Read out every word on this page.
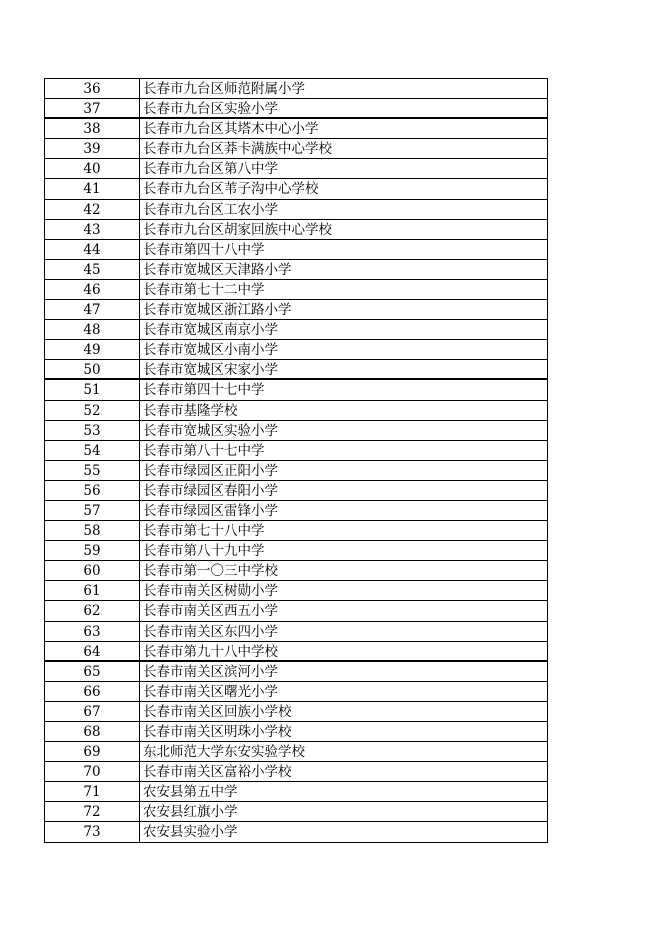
36	长春市九台区师范附属小学
37	长春市九台区实验小学
38	长春市九台区其塔木中心小学
39	长春市九台区莽卡满族中心学校
40	长春市九台区第八中学
41	长春市九台区苇子沟中心学校
42	长春市九台区工农小学
43	长春市九台区胡家回族中心学校
44	长春市第四十八中学
45	长春市宽城区天津路小学
46	长春市第七十二中学
47	长春市宽城区浙江路小学
48	长春市宽城区南京小学
49	长春市宽城区小南小学
50	长春市宽城区宋家小学
51	长春市第四十七中学
52	长春市基隆学校
53	长春市宽城区实验小学
54	长春市第八十七中学
55	长春市绿园区正阳小学
56	长春市绿园区春阳小学
57	长春市绿园区雷锋小学
58	长春市第七十八中学
59	长春市第八十九中学
60	长春市第一〇三中学校
61	长春市南关区树勋小学
62	长春市南关区西五小学
63	长春市南关区东四小学
64	长春市第九十八中学校
65	长春市南关区滨河小学
66	长春市南关区曙光小学
67	长春市南关区回族小学校
68	长春市南关区明珠小学校
69	东北师范大学东安实验学校
70	长春市南关区富裕小学校
71	农安县第五中学
72	农安县红旗小学
73	农安县实验小学
